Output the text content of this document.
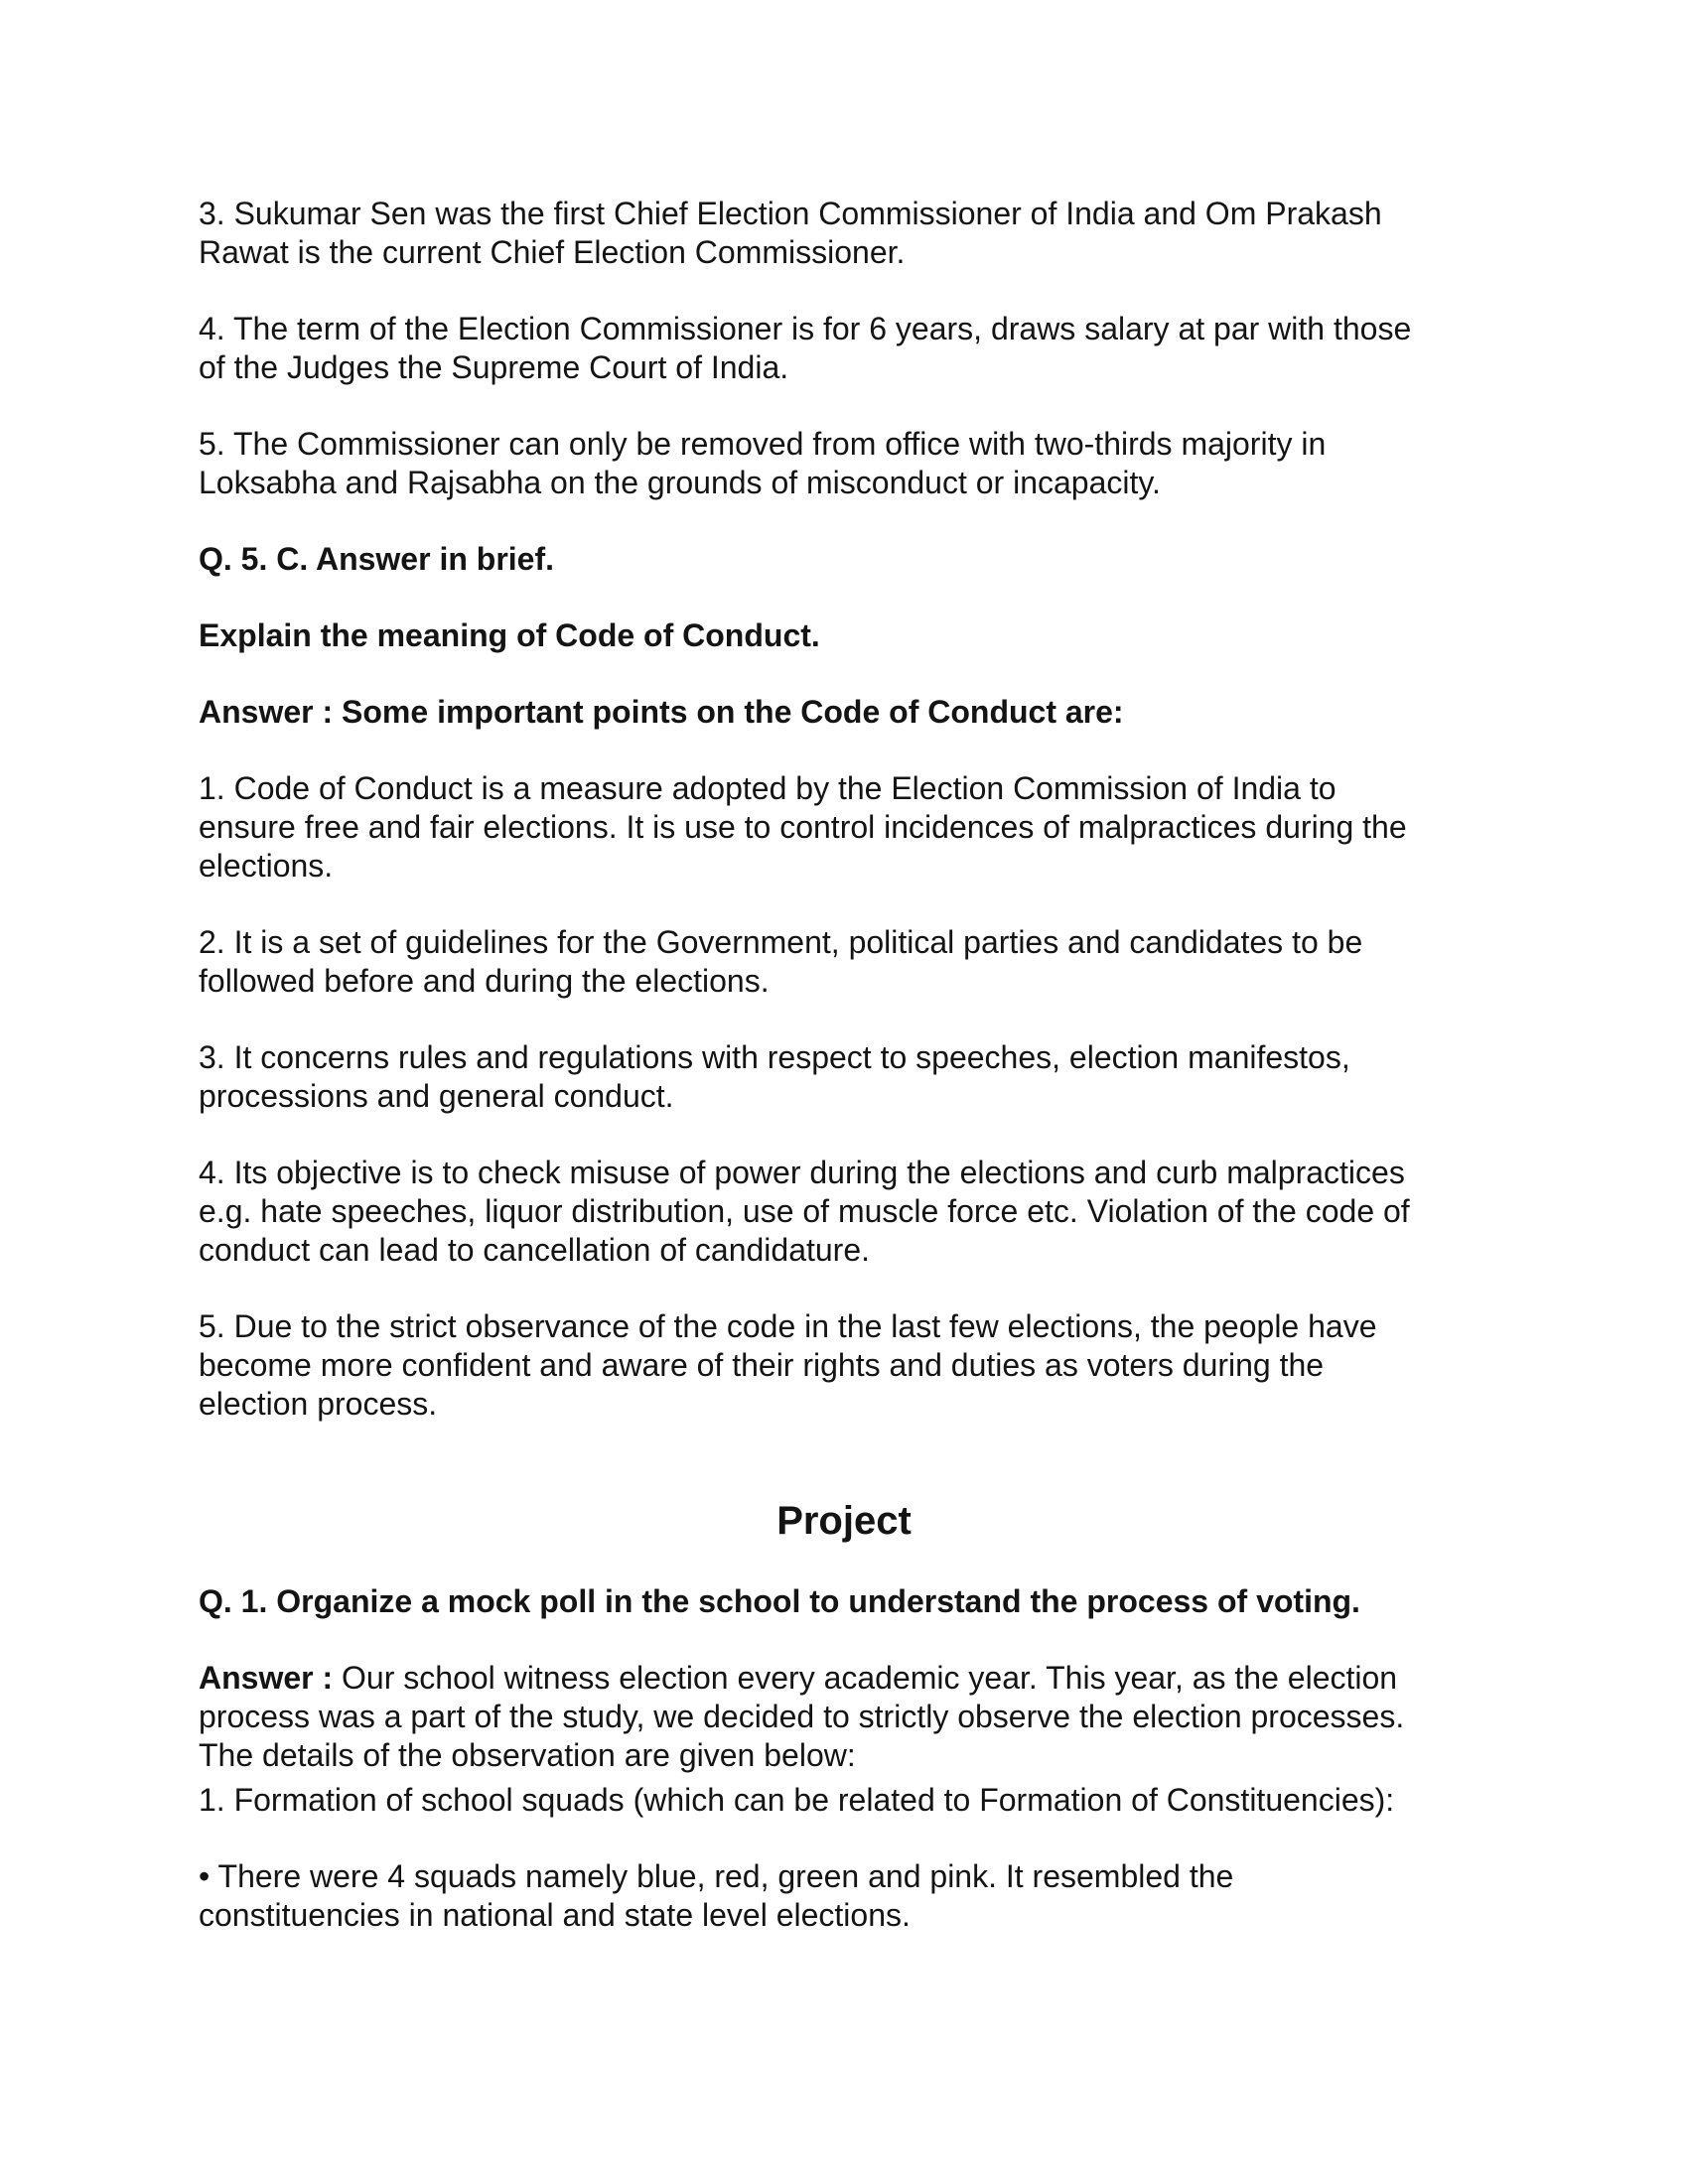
3. Sukumar Sen was the first Chief Election Commissioner of India and Om Prakash
Rawat is the current Chief Election Commissioner.
4. The term of the Election Commissioner is for 6 years, draws salary at par with those
of the Judges the Supreme Court of India.
5. The Commissioner can only be removed from office with two-thirds majority in
Loksabha and Rajsabha on the grounds of misconduct or incapacity.
Q. 5. C. Answer in brief.
Explain the meaning of Code of Conduct.
Answer : Some important points on the Code of Conduct are:
1. Code of Conduct is a measure adopted by the Election Commission of India to
ensure free and fair elections. It is use to control incidences of malpractices during the
elections.
2. It is a set of guidelines for the Government, political parties and candidates to be
followed before and during the elections.
3. It concerns rules and regulations with respect to speeches, election manifestos,
processions and general conduct.
4. Its objective is to check misuse of power during the elections and curb malpractices
e.g. hate speeches, liquor distribution, use of muscle force etc. Violation of the code of
conduct can lead to cancellation of candidature.
5. Due to the strict observance of the code in the last few elections, the people have
become more confident and aware of their rights and duties as voters during the
election process.
Project
Q. 1. Organize a mock poll in the school to understand the process of voting.
Answer : Our school witness election every academic year. This year, as the election
process was a part of the study, we decided to strictly observe the election processes.
The details of the observation are given below:
1. Formation of school squads (which can be related to Formation of Constituencies):
• There were 4 squads namely blue, red, green and pink. It resembled the
constituencies in national and state level elections.
